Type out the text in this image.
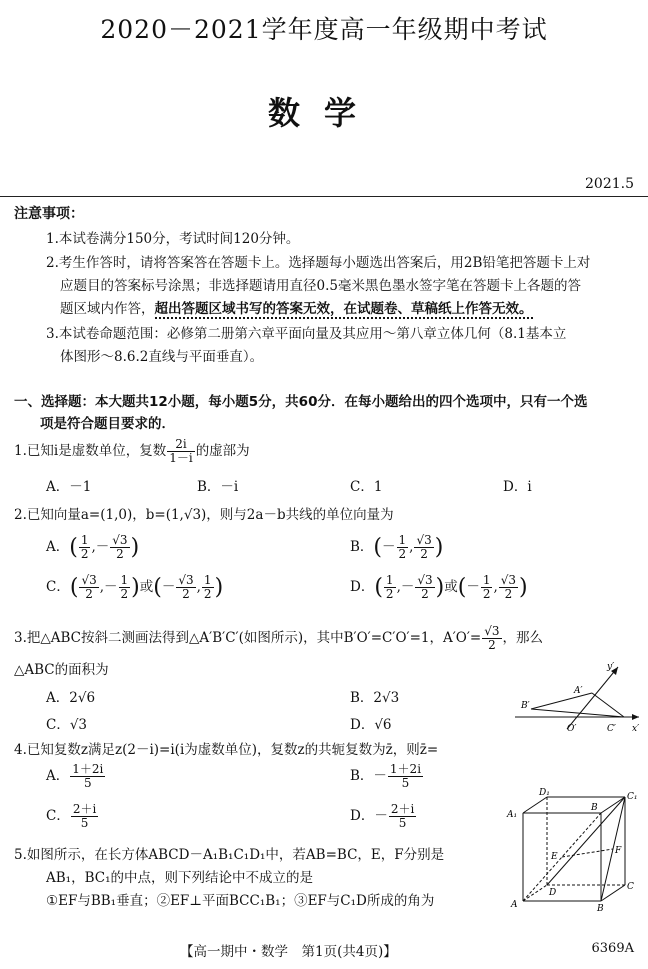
2020－2021学年度高一年级期中考试
数学
2021.5
注意事项：
1.本试卷满分150分，考试时间120分钟。
2.考生作答时，请将答案答在答题卡上。选择题每小题选出答案后，用2B铅笔把答题卡上对
应题目的答案标号涂黑；非选择题请用直径0.5毫米黑色墨水签字笔在答题卡上各题的答
题区域内作答，超出答题区域书写的答案无效，在试题卷、草稿纸上作答无效。
3.本试卷命题范围：必修第二册第六章平面向量及其应用～第八章立体几何（8.1基本立
体图形～8.6.2直线与平面垂直）。
一、选择题：本大题共12小题，每小题5分，共60分．在每小题给出的四个选项中，只有一个选
项是符合题目要求的．
1.已知i是虚数单位，复数 $\frac{2i}{1-i}$ 的虚部为
A．－1	B．－i	C．1	D．i
2.已知向量a=(1,0)，b=(1,√3)，则与2a－b共线的单位向量为
A．( $\frac{1}{2}$ ,－ $\frac{√3}{2}$ )	B．(－ $\frac{1}{2}$ , $\frac{√3}{2}$ )
C．( $\frac{√3}{2}$ ,－ $\frac{1}{2}$ )或(－ $\frac{√3}{2}$ , $\frac{1}{2}$ )	D．( $\frac{1}{2}$ ,－ $\frac{√3}{2}$ )或(－ $\frac{1}{2}$ , $\frac{√3}{2}$ )
3.把△ABC按斜二测画法得到△A′B′C′(如图所示)，其中B′O′=C′O′=1，$A'O'= \frac{√3}{2}$ ，那么
△ABC的面积为
A．2√6	B．2√3
C．√3	D．√6
y′
x′
A′
B′
O′	C′
4.已知复数z满足z(2－i)=i(i为虚数单位)，复数z的共轭复数为z̄，则z̄=
A． $\frac{1+2i}{5}$	B．－ $\frac{1+2i}{5}$
C． $\frac{2+i}{5}$	D．－ $\frac{2+i}{5}$
5.如图所示，在长方体ABCD－A₁B₁C₁D₁中，若AB=BC，E，F分别是
AB₁，BC₁的中点，则下列结论中不成立的是
①EF与BB₁垂直；②EF⊥平面BCC₁B₁；③EF与C₁D所成的角为
D₁
A₁
B
C₁
E
F
A
D
B
C
【高一期中・数学　第1页(共4页)】	6369A
